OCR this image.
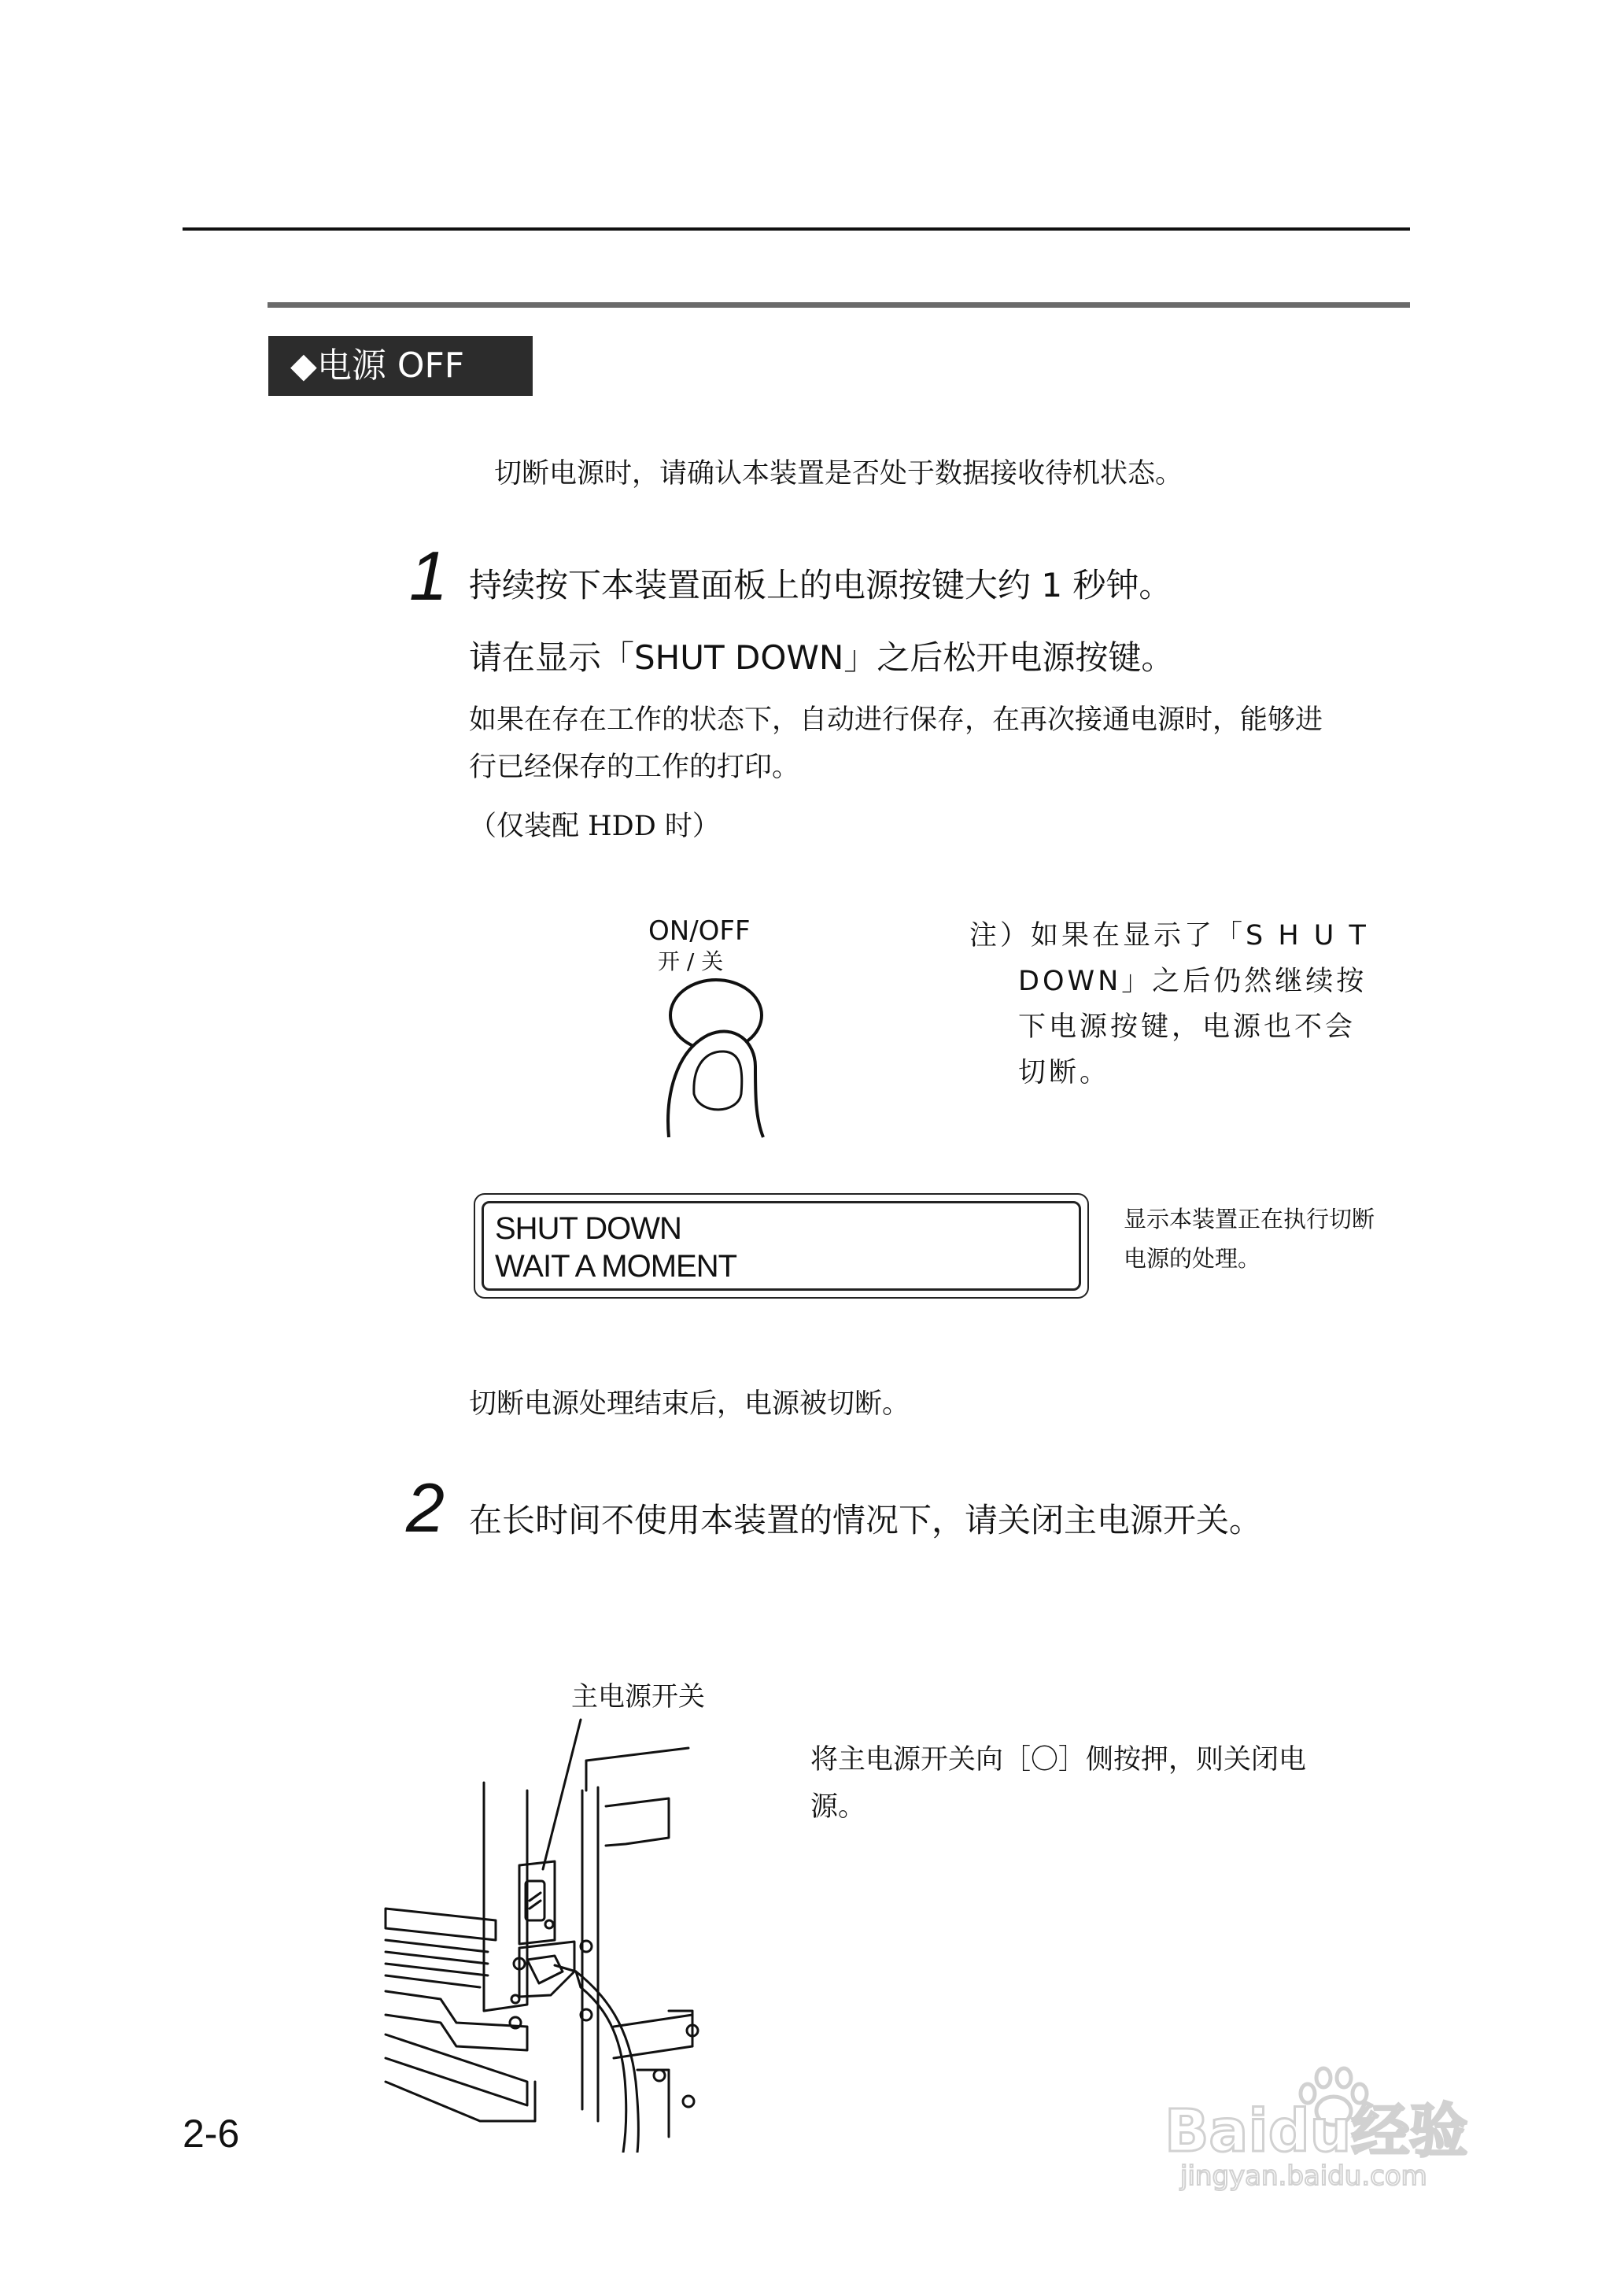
◆电源 OFF
切断电源时，请确认本装置是否处于数据接收待机状态。
1 持续按下本装置面板上的电源按键大约 1 秒钟。
请在显示「SHUT DOWN」之后松开电源按键。
如果在存在工作的状态下，自动进行保存，在再次接通电源时，能够进
行已经保存的工作的打印。
（仅装配 HDD 时）
ON/OFF
开 / 关
注）如果在显示了「S H U T
DOWN」之后仍然继续按
下电源按键，电源也不会
切断。
SHUT DOWN
WAIT A MOMENT
显示本装置正在执行切断
电源的处理。
切断电源处理结束后，电源被切断。
2 在长时间不使用本装置的情况下，请关闭主电源开关。
主电源开关
将主电源开关向［〇］侧按押，则关闭电
源。
2-6	Baidu经验
jingyan.baidu.com
